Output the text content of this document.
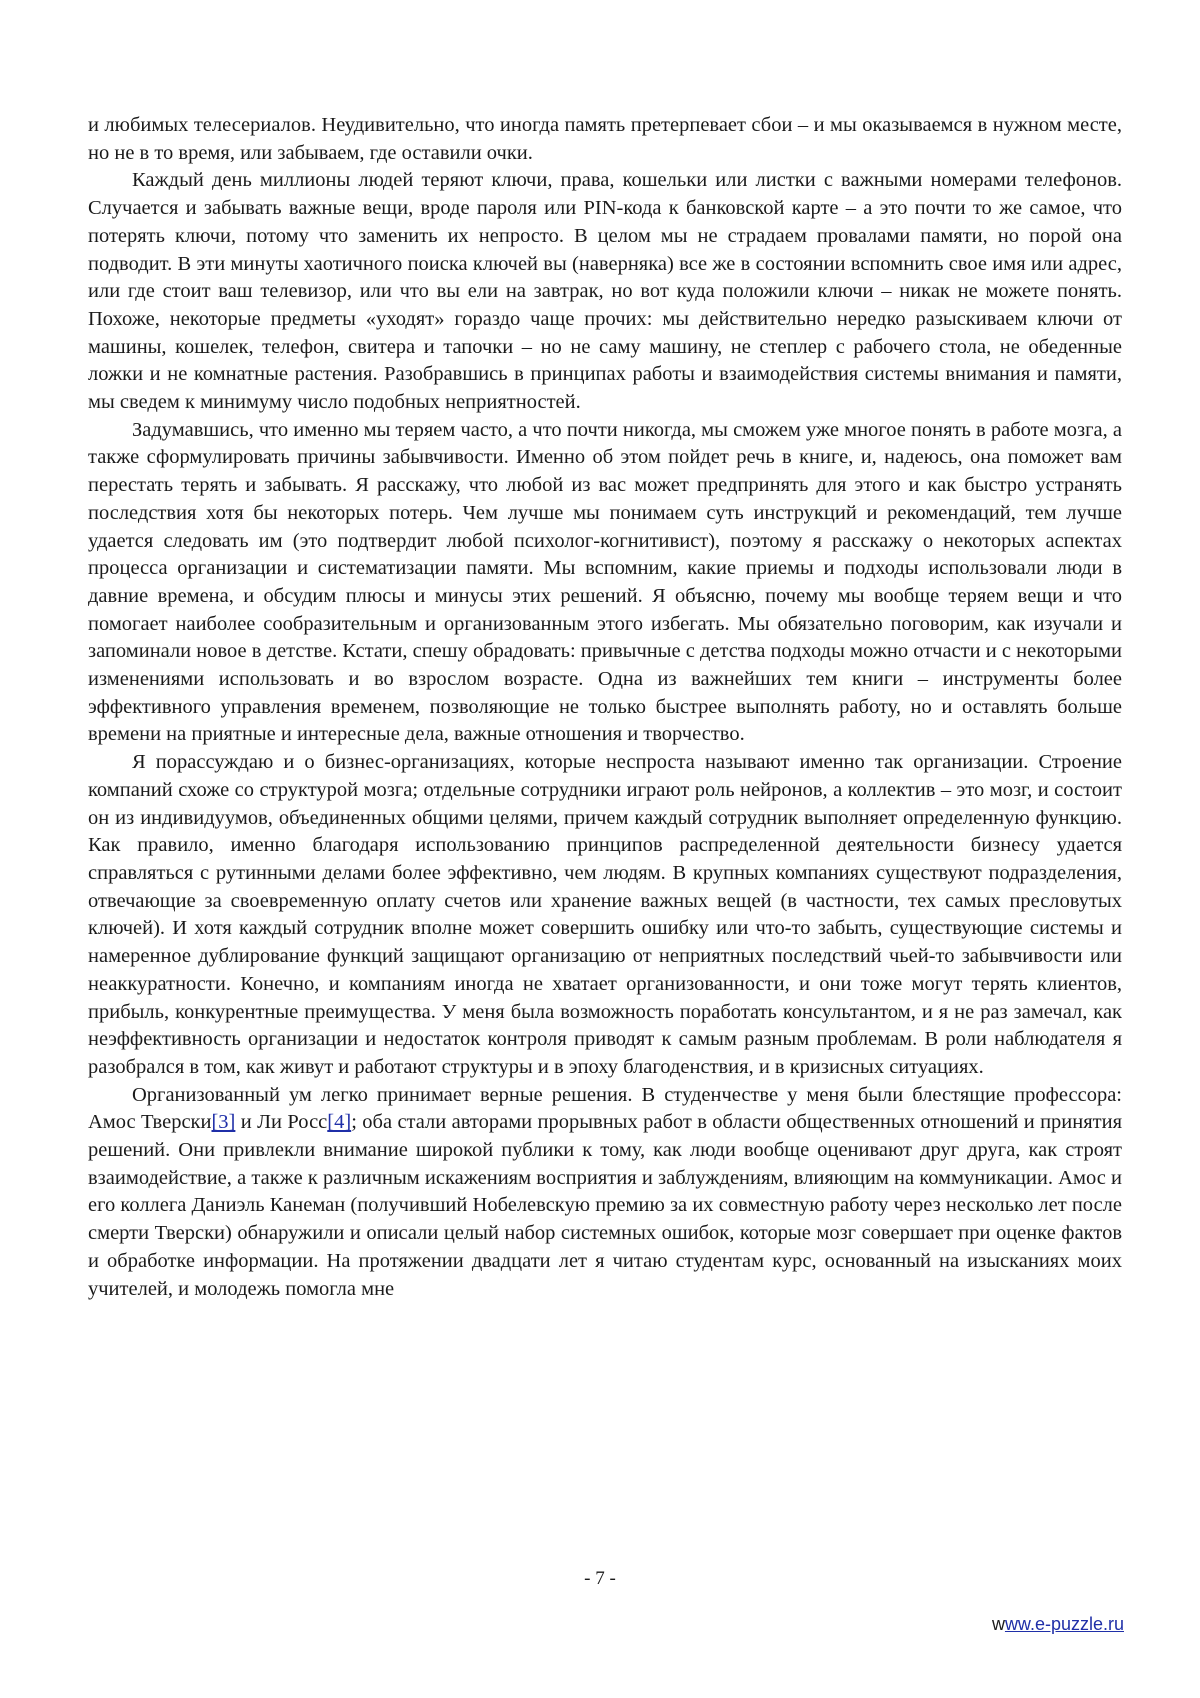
и любимых телесериалов. Неудивительно, что иногда память претерпевает сбои – и мы оказываемся в нужном месте, но не в то время, или забываем, где оставили очки.

Каждый день миллионы людей теряют ключи, права, кошельки или листки с важными номерами телефонов. Случается и забывать важные вещи, вроде пароля или PIN-кода к банковской карте – а это почти то же самое, что потерять ключи, потому что заменить их непросто. В целом мы не страдаем провалами памяти, но порой она подводит. В эти минуты хаотичного поиска ключей вы (наверняка) все же в состоянии вспомнить свое имя или адрес, или где стоит ваш телевизор, или что вы ели на завтрак, но вот куда положили ключи – никак не можете понять. Похоже, некоторые предметы «уходят» гораздо чаще прочих: мы действительно нередко разыскиваем ключи от машины, кошелек, телефон, свитера и тапочки – но не саму машину, не степлер с рабочего стола, не обеденные ложки и не комнатные растения. Разобравшись в принципах работы и взаимодействия системы внимания и памяти, мы сведем к минимуму число подобных неприятностей.

Задумавшись, что именно мы теряем часто, а что почти никогда, мы сможем уже многое понять в работе мозга, а также сформулировать причины забывчивости. Именно об этом пойдет речь в книге, и, надеюсь, она поможет вам перестать терять и забывать. Я расскажу, что любой из вас может предпринять для этого и как быстро устранять последствия хотя бы некоторых потерь. Чем лучше мы понимаем суть инструкций и рекомендаций, тем лучше удается следовать им (это подтвердит любой психолог-когнитивист), поэтому я расскажу о некоторых аспектах процесса организации и систематизации памяти. Мы вспомним, какие приемы и подходы использовали люди в давние времена, и обсудим плюсы и минусы этих решений. Я объясню, почему мы вообще теряем вещи и что помогает наиболее сообразительным и организованным этого избегать. Мы обязательно поговорим, как изучали и запоминали новое в детстве. Кстати, спешу обрадовать: привычные с детства подходы можно отчасти и с некоторыми изменениями использовать и во взрослом возрасте. Одна из важнейших тем книги – инструменты более эффективного управления временем, позволяющие не только быстрее выполнять работу, но и оставлять больше времени на приятные и интересные дела, важные отношения и творчество.

Я порассуждаю и о бизнес-организациях, которые неспроста называют именно так организации. Строение компаний схоже со структурой мозга; отдельные сотрудники играют роль нейронов, а коллектив – это мозг, и состоит он из индивидуумов, объединенных общими целями, причем каждый сотрудник выполняет определенную функцию. Как правило, именно благодаря использованию принципов распределенной деятельности бизнесу удается справляться с рутинными делами более эффективно, чем людям. В крупных компаниях существуют подразделения, отвечающие за своевременную оплату счетов или хранение важных вещей (в частности, тех самых пресловутых ключей). И хотя каждый сотрудник вполне может совершить ошибку или что-то забыть, существующие системы и намеренное дублирование функций защищают организацию от неприятных последствий чьей-то забывчивости или неаккуратности. Конечно, и компаниям иногда не хватает организованности, и они тоже могут терять клиентов, прибыль, конкурентные преимущества. У меня была возможность поработать консультантом, и я не раз замечал, как неэффективность организации и недостаток контроля приводят к самым разным проблемам. В роли наблюдателя я разобрался в том, как живут и работают структуры и в эпоху благоденствия, и в кризисных ситуациях.

Организованный ум легко принимает верные решения. В студенчестве у меня были блестящие профессора: Амос Тверски[3] и Ли Росс[4]; оба стали авторами прорывных работ в области общественных отношений и принятия решений. Они привлекли внимание широкой публики к тому, как люди вообще оценивают друг друга, как строят взаимодействие, а также к различным искажениям восприятия и заблуждениям, влияющим на коммуникации. Амос и его коллега Даниэль Канеман (получивший Нобелевскую премию за их совместную работу через несколько лет после смерти Тверски) обнаружили и описали целый набор системных ошибок, которые мозг совершает при оценке фактов и обработке информации. На протяжении двадцати лет я читаю студентам курс, основанный на изысканиях моих учителей, и молодежь помогла мне

- 7 -
www.e-puzzle.ru
